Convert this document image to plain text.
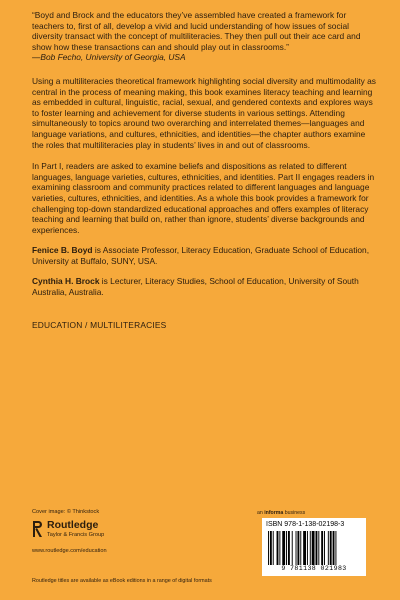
“Boyd and Brock and the educators they’ve assembled have created a framework for teachers to, first of all, develop a vivid and lucid understanding of how issues of social diversity transact with the concept of multiliteracies. They then pull out their ace card and show how these transactions can and should play out in classrooms.”

—Bob Fecho, University of Georgia, USA

Using a multiliteracies theoretical framework highlighting social diversity and multimodality as central in the process of meaning making, this book examines literacy teaching and learning as embedded in cultural, linguistic, racial, sexual, and gendered contexts and explores ways to foster learning and achievement for diverse students in various settings. Attending simultaneously to topics around two overarching and interrelated themes—languages and language variations, and cultures, ethnicities, and identities—the chapter authors examine the roles that multiliteracies play in students’ lives in and out of classrooms.

In Part I, readers are asked to examine beliefs and dispositions as related to different languages, language varieties, cultures, ethnicities, and identities. Part II engages readers in examining classroom and community practices related to different languages and language varieties, cultures, ethnicities, and identities. As a whole this book provides a framework for challenging top-down standardized educational approaches and offers examples of literacy teaching and learning that build on, rather than ignore, students’ diverse backgrounds and experiences.

Fenice B. Boyd is Associate Professor, Literacy Education, Graduate School of Education, University at Buffalo, SUNY, USA.

Cynthia H. Brock is Lecturer, Literacy Studies, School of Education, University of South Australia, Australia.

EDUCATION / MULTILITERACIES

Cover image: © Thinkstock
Routledge
Taylor & Francis Group
www.routledge.com/education
an informa business
ISBN 978-1-138-02198-3
9 781138 021983
Routledge titles are available as eBook editions in a range of digital formats
